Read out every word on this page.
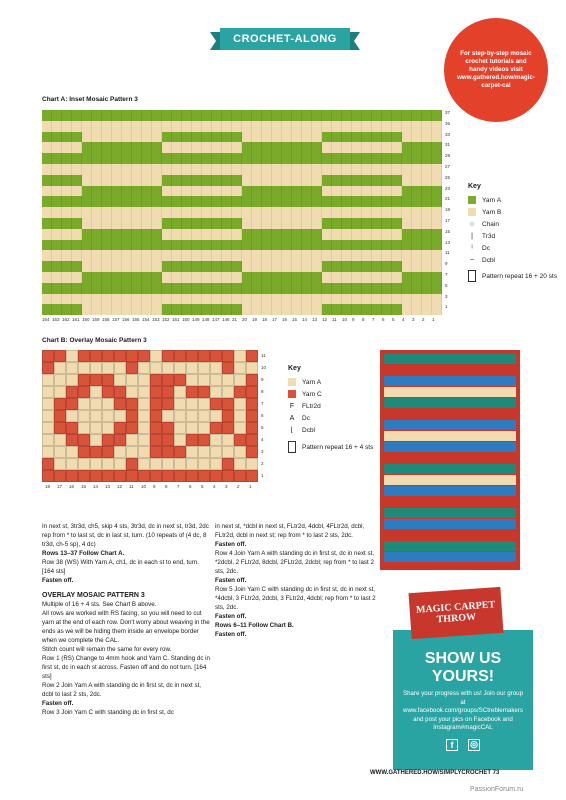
CROCHET-ALONG
For step-by-step mosaic crochet tutorials and handy videos visit www.gathered.how/magic-carpet-cal
Chart A: Inset Mosaic Pattern 3
37
35
33
31
29
27
25
23
21
19
17
15
13
11
9
7
5
3
1
164 163 162 161 160 159 158 157 156 155 154 153 152 151 150 149 148 147 146 21 20 19 18 17 16 15 14 13 12 11 10 9 8 7 6 5 4 3 2 1
Key
Yarn A
Yarn B
○ Chain
|	Tr3d
ˡ	Dc
~	Dcbl
Pattern repeat 16 + 20 sts
Chart B: Overlay Mosaic Pattern 3
11
10
9
8
7
6
5
4
3
2
1
18 17 16 15 14 13 12 11 10 9 8 7 6 5 4 3 2 1
Key
Yarn A
Yarn C
F FLtr2d
A Dc
⌊	Dcbl
Pattern repeat 16 + 4 sts

In next st, 3tr3d, ch5, skip 4 sts, 3tr3d, dc in next st, tr3d, 2dc rep from * to last st, dc in last st, turn. (10 repeats of (4 dc, 8 tr3d, ch-5 sp), 4 dc)

Rows 13–37 Follow Chart A.

Row 38 (WS) With Yarn A, ch1, dc in each st to end, turn. [164 sts]

Fasten off.

OVERLAY MOSAIC PATTERN 3

Multiple of 16 + 4 sts. See Chart B above.

All rows are worked with RS facing, so you will need to cut yarn at the end of each row. Don't worry about weaving in the ends as we will be hiding them inside an envelope border when we complete the CAL.

Stitch count will remain the same for every row.

Row 1 (RS) Change to 4mm hook and Yarn C. Standing dc in first st, dc in each st across. Fasten off and do not turn. [164 sts]

Row 2 Join Yarn A with standing dc in first st, dc in next st, dcbl to last 2 sts, 2dc.

Fasten off.

Row 3 Join Yarn C with standing dc in first st, dc

in next st, *dcbl in next st, FLtr2d, 4dcbl, 4FLtr2d, dcbl, FLtr2d, dcbl in next st; rep from * to last 2 sts, 2dc.

Fasten off.

Row 4 Join Yarn A with standing dc in first st, dc in next st, *2dcbl, 2 FLtr2d, 8dcbl, 2FLtr2d, 2dcbl; rep from * to last 2 sts, 2dc.

Fasten off.

Row 5 Join Yarn C with standing dc in first st, dc in next st, *4dcbl, 3 FLtr2d, 2dcbl, 3 FLtr2d, 4dcbl; rep from * to last 2 sts, 2dc.

Fasten off.

Rows 6–11 Follow Chart B.

Fasten off.

SHOW US YOURS!
Share your progress with us! Join our group at www.facebook.com/groups/SCtreblemakers and post your pics on Facebook and Instagram#magicCAL
f	◎
MAGIC CARPET THROW
WWW.GATHERED.HOW/SIMPLYCROCHET 73
PassionForum.ru
